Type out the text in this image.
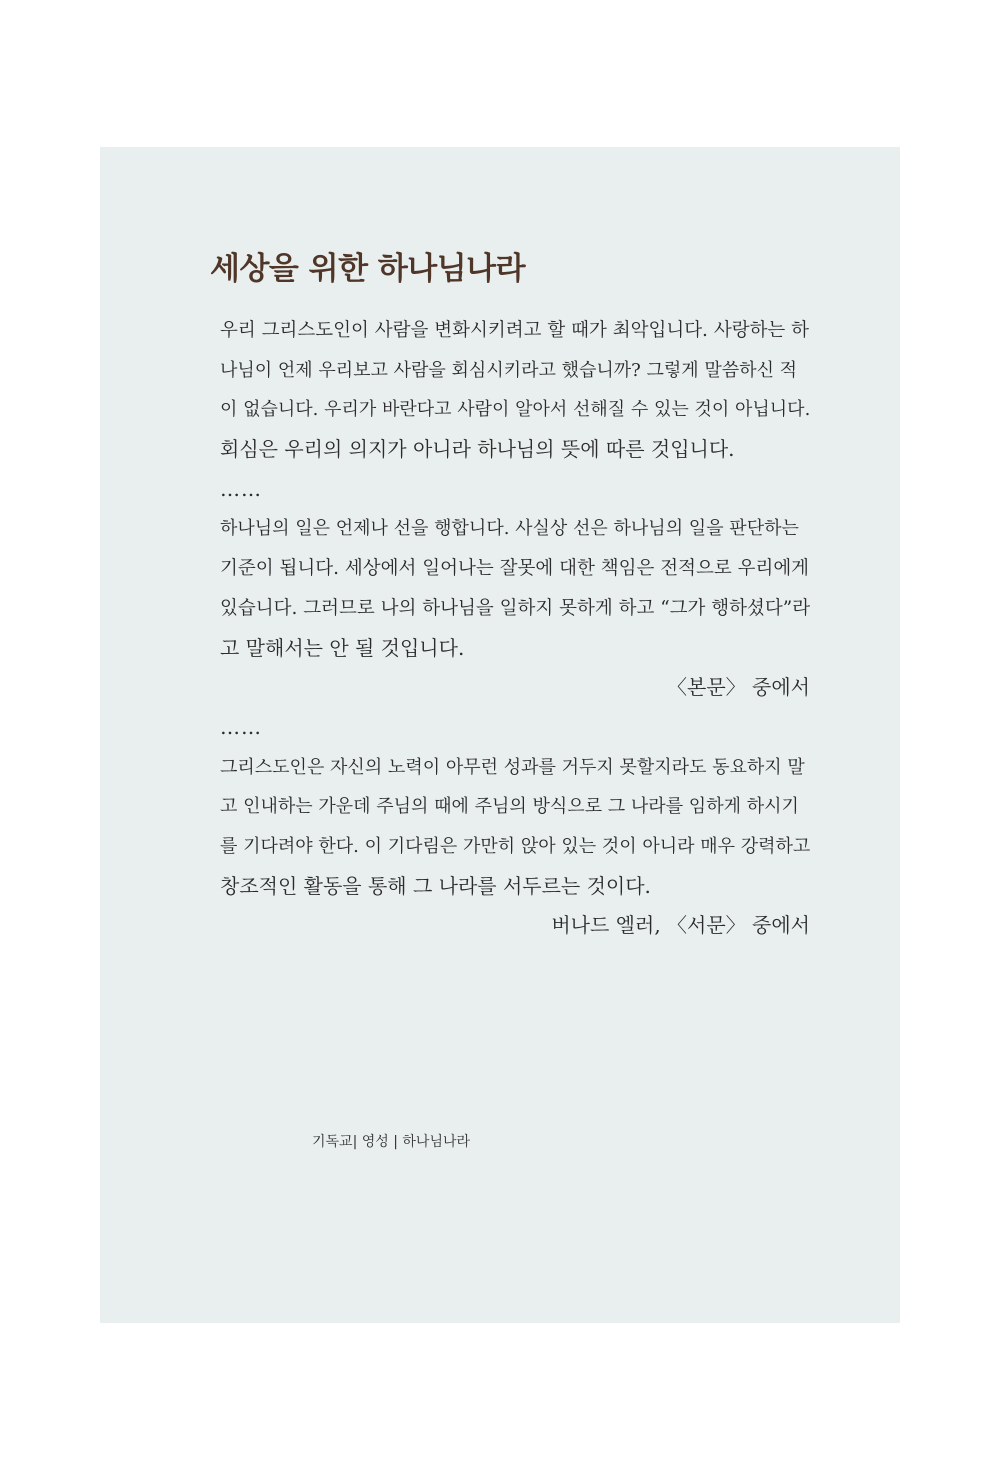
세상을 위한 하나님나라
우리 그리스도인이 사람을 변화시키려고 할 때가 최악입니다. 사랑하는 하
나님이 언제 우리보고 사람을 회심시키라고 했습니까? 그렇게 말씀하신 적
이 없습니다. 우리가 바란다고 사람이 알아서 선해질 수 있는 것이 아닙니다.
회심은 우리의 의지가 아니라 하나님의 뜻에 따른 것입니다.
……
하나님의 일은 언제나 선을 행합니다. 사실상 선은 하나님의 일을 판단하는
기준이 됩니다. 세상에서 일어나는 잘못에 대한 책임은 전적으로 우리에게
있습니다. 그러므로 나의 하나님을 일하지 못하게 하고 “그가 행하셨다”라
고 말해서는 안 될 것입니다.
〈본문〉 중에서
……
그리스도인은 자신의 노력이 아무런 성과를 거두지 못할지라도 동요하지 말
고 인내하는 가운데 주님의 때에 주님의 방식으로 그 나라를 임하게 하시기
를 기다려야 한다. 이 기다림은 가만히 앉아 있는 것이 아니라 매우 강력하고
창조적인 활동을 통해 그 나라를 서두르는 것이다.
버나드 엘러, 〈서문〉 중에서
기독교| 영성 | 하나님나라
